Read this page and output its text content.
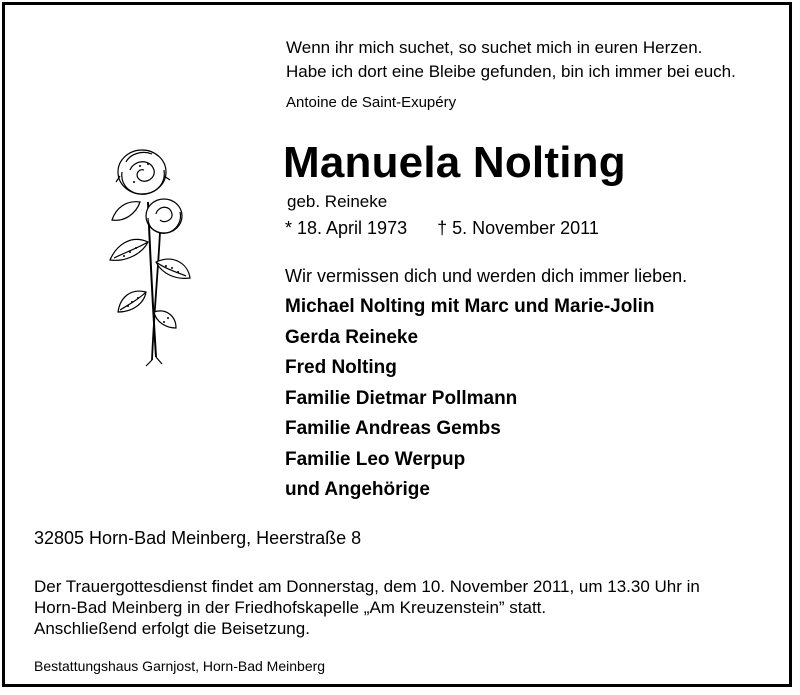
Wenn ihr mich suchet, so suchet mich in euren Herzen.
Habe ich dort eine Bleibe gefunden, bin ich immer bei euch.
Antoine de Saint-Exupéry
Manuela Nolting
geb. Reineke
* 18. April 1973 † 5. November 2011
Wir vermissen dich und werden dich immer lieben.
Michael Nolting mit Marc und Marie-Jolin
Gerda Reineke
Fred Nolting
Familie Dietmar Pollmann
Familie Andreas Gembs
Familie Leo Werpup
und Angehörige
32805 Horn-Bad Meinberg, Heerstraße 8
Der Trauergottesdienst findet am Donnerstag, dem 10. November 2011, um 13.30 Uhr in
Horn-Bad Meinberg in der Friedhofskapelle „Am Kreuzenstein” statt.
Anschließend erfolgt die Beisetzung.
Bestattungshaus Garnjost, Horn-Bad Meinberg
